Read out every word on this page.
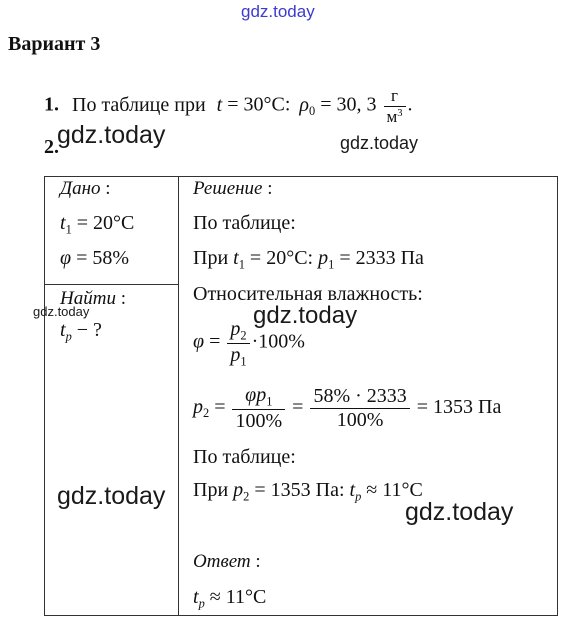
gdz.today
Вариант 3
1. По таблице при t = 30°С: $\rho_0 = 30$, $3 \frac{г}{м^3}$ .
2.
gdz.today	gdz.today
Дано :
$t_1 = 20^\circ С$
φ = 58%
Найти :
gdz.today
$t_р$ − ?
Решение :
По таблице:
При $t_1 = 20^\circ С$: $p_1 = 2333$ Па
Относительная влажность:
gdz.today
$\varphi = \frac{p_2}{p_1} \cdot 100\%$
$p_2 = \frac{\varphi p_1}{100\%} = \frac{58\% \cdot 2333}{100\%} = 1353$ Па
По таблице:
При $p_2 = 1353$ Па: $t_р \approx 11^\circ С$
gdz.today
gdz.today
Ответ :
$t_р \approx 11^\circ С$
